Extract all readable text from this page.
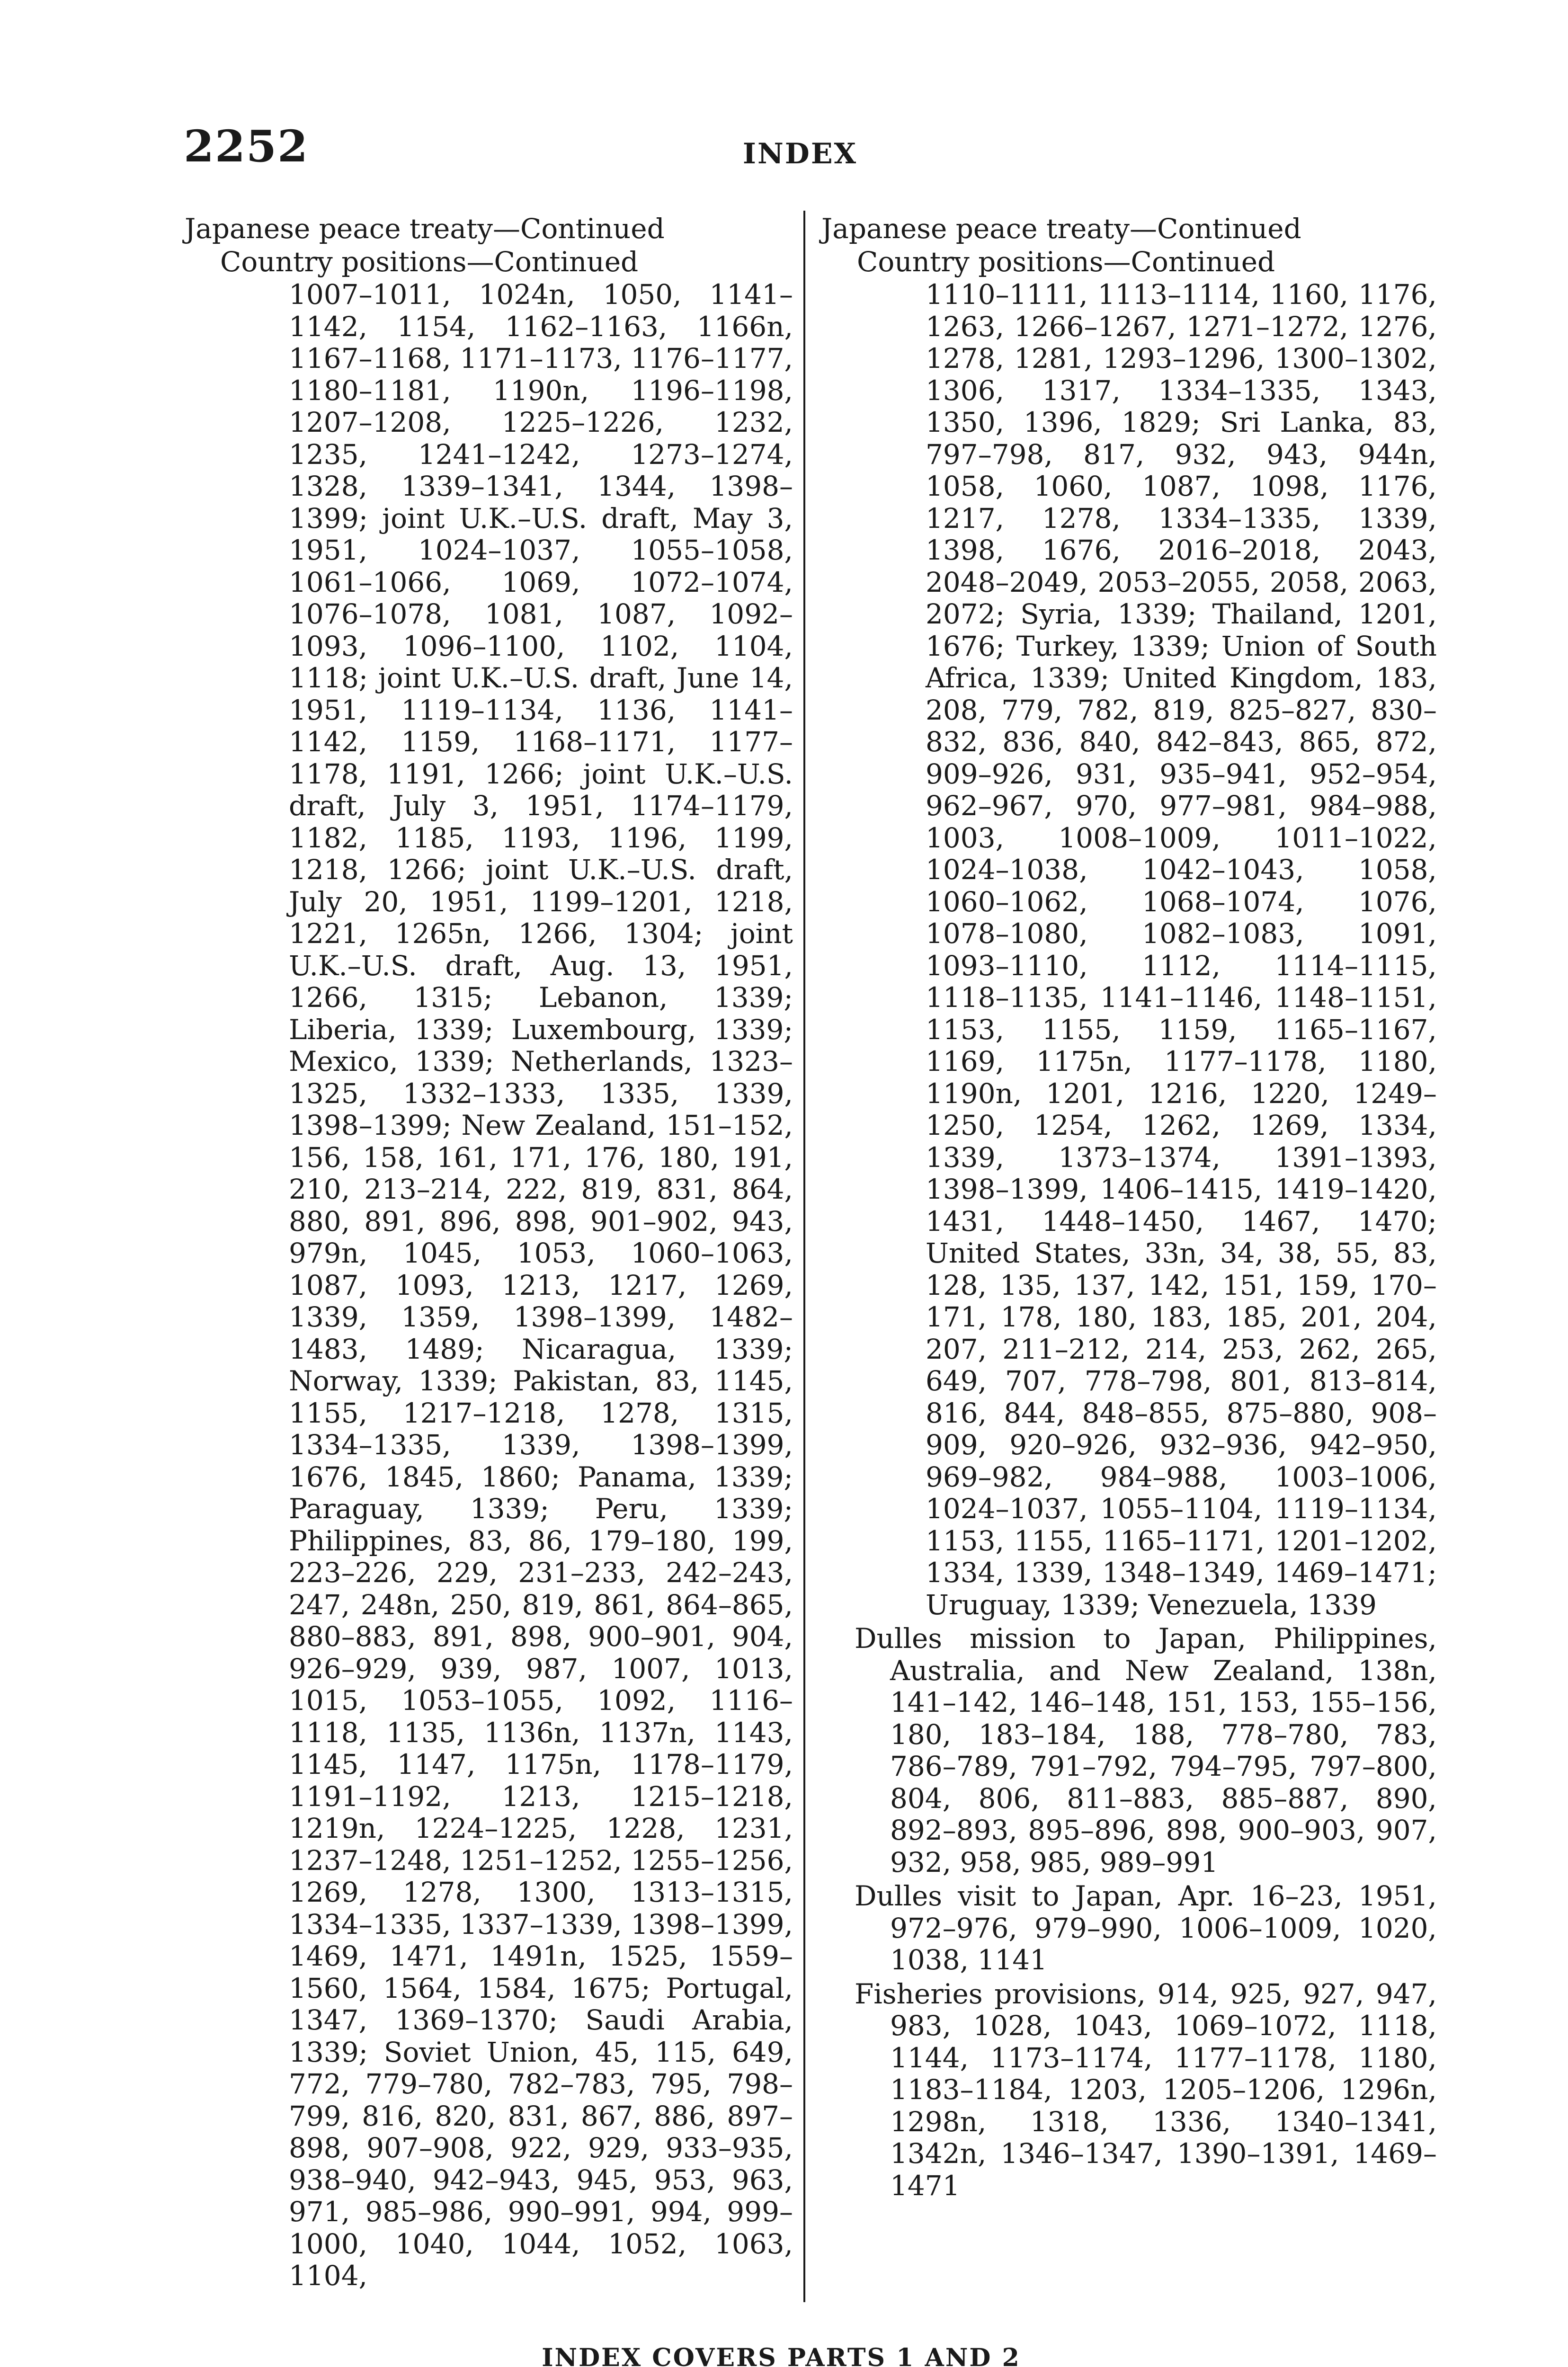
2252	INDEX
Japanese peace treaty—Continued
Country positions—Continued
1007–1011, 1024n, 1050, 1141–1142, 1154, 1162–1163, 1166n, 1167–1168, 1171–1173, 1176–1177, 1180–1181, 1190n, 1196–1198, 1207–1208, 1225–1226, 1232, 1235, 1241–1242, 1273–1274, 1328, 1339–1341, 1344, 1398–1399; joint U.K.–U.S. draft, May 3, 1951, 1024–1037, 1055–1058, 1061–1066, 1069, 1072–1074, 1076–1078, 1081, 1087, 1092–1093, 1096–1100, 1102, 1104, 1118; joint U.K.–U.S. draft, June 14, 1951, 1119–1134, 1136, 1141–1142, 1159, 1168–1171, 1177–1178, 1191, 1266; joint U.K.–U.S. draft, July 3, 1951, 1174–1179, 1182, 1185, 1193, 1196, 1199, 1218, 1266; joint U.K.–U.S. draft, July 20, 1951, 1199–1201, 1218, 1221, 1265n, 1266, 1304; joint U.K.–U.S. draft, Aug. 13, 1951, 1266, 1315; Lebanon, 1339; Liberia, 1339; Luxembourg, 1339; Mexico, 1339; Netherlands, 1323–1325, 1332–1333, 1335, 1339, 1398–1399; New Zealand, 151–152, 156, 158, 161, 171, 176, 180, 191, 210, 213–214, 222, 819, 831, 864, 880, 891, 896, 898, 901–902, 943, 979n, 1045, 1053, 1060–1063, 1087, 1093, 1213, 1217, 1269, 1339, 1359, 1398–1399, 1482–1483, 1489; Nicaragua, 1339; Norway, 1339; Pakistan, 83, 1145, 1155, 1217–1218, 1278, 1315, 1334–1335, 1339, 1398–1399, 1676, 1845, 1860; Panama, 1339; Paraguay, 1339; Peru, 1339; Philippines, 83, 86, 179–180, 199, 223–226, 229, 231–233, 242–243, 247, 248n, 250, 819, 861, 864–865, 880–883, 891, 898, 900–901, 904, 926–929, 939, 987, 1007, 1013, 1015, 1053–1055, 1092, 1116–1118, 1135, 1136n, 1137n, 1143, 1145, 1147, 1175n, 1178–1179, 1191–1192, 1213, 1215–1218, 1219n, 1224–1225, 1228, 1231, 1237–1248, 1251–1252, 1255–1256, 1269, 1278, 1300, 1313–1315, 1334–1335, 1337–1339, 1398–1399, 1469, 1471, 1491n, 1525, 1559–1560, 1564, 1584, 1675; Portugal, 1347, 1369–1370; Saudi Arabia, 1339; Soviet Union, 45, 115, 649, 772, 779–780, 782–783, 795, 798–799, 816, 820, 831, 867, 886, 897–898, 907–908, 922, 929, 933–935, 938–940, 942–943, 945, 953, 963, 971, 985–986, 990–991, 994, 999–1000, 1040, 1044, 1052, 1063, 1104,
Japanese peace treaty—Continued
Country positions—Continued
1110–1111, 1113–1114, 1160, 1176, 1263, 1266–1267, 1271–1272, 1276, 1278, 1281, 1293–1296, 1300–1302, 1306, 1317, 1334–1335, 1343, 1350, 1396, 1829; Sri Lanka, 83, 797–798, 817, 932, 943, 944n, 1058, 1060, 1087, 1098, 1176, 1217, 1278, 1334–1335, 1339, 1398, 1676, 2016–2018, 2043, 2048–2049, 2053–2055, 2058, 2063, 2072; Syria, 1339; Thailand, 1201, 1676; Turkey, 1339; Union of South Africa, 1339; United Kingdom, 183, 208, 779, 782, 819, 825–827, 830–832, 836, 840, 842–843, 865, 872, 909–926, 931, 935–941, 952–954, 962–967, 970, 977–981, 984–988, 1003, 1008–1009, 1011–1022, 1024–1038, 1042–1043, 1058, 1060–1062, 1068–1074, 1076, 1078–1080, 1082–1083, 1091, 1093–1110, 1112, 1114–1115, 1118–1135, 1141–1146, 1148–1151, 1153, 1155, 1159, 1165–1167, 1169, 1175n, 1177–1178, 1180, 1190n, 1201, 1216, 1220, 1249–1250, 1254, 1262, 1269, 1334, 1339, 1373–1374, 1391–1393, 1398–1399, 1406–1415, 1419–1420, 1431, 1448–1450, 1467, 1470; United States, 33n, 34, 38, 55, 83, 128, 135, 137, 142, 151, 159, 170–171, 178, 180, 183, 185, 201, 204, 207, 211–212, 214, 253, 262, 265, 649, 707, 778–798, 801, 813–814, 816, 844, 848–855, 875–880, 908–909, 920–926, 932–936, 942–950, 969–982, 984–988, 1003–1006, 1024–1037, 1055–1104, 1119–1134, 1153, 1155, 1165–1171, 1201–1202, 1334, 1339, 1348–1349, 1469–1471; Uruguay, 1339; Venezuela, 1339
Dulles mission to Japan, Philippines, Australia, and New Zealand, 138n, 141–142, 146–148, 151, 153, 155–156, 180, 183–184, 188, 778–780, 783, 786–789, 791–792, 794–795, 797–800, 804, 806, 811–883, 885–887, 890, 892–893, 895–896, 898, 900–903, 907, 932, 958, 985, 989–991
Dulles visit to Japan, Apr. 16–23, 1951, 972–976, 979–990, 1006–1009, 1020, 1038, 1141
Fisheries provisions, 914, 925, 927, 947, 983, 1028, 1043, 1069–1072, 1118, 1144, 1173–1174, 1177–1178, 1180, 1183–1184, 1203, 1205–1206, 1296n, 1298n, 1318, 1336, 1340–1341, 1342n, 1346–1347, 1390–1391, 1469–1471
INDEX COVERS PARTS 1 AND 2
